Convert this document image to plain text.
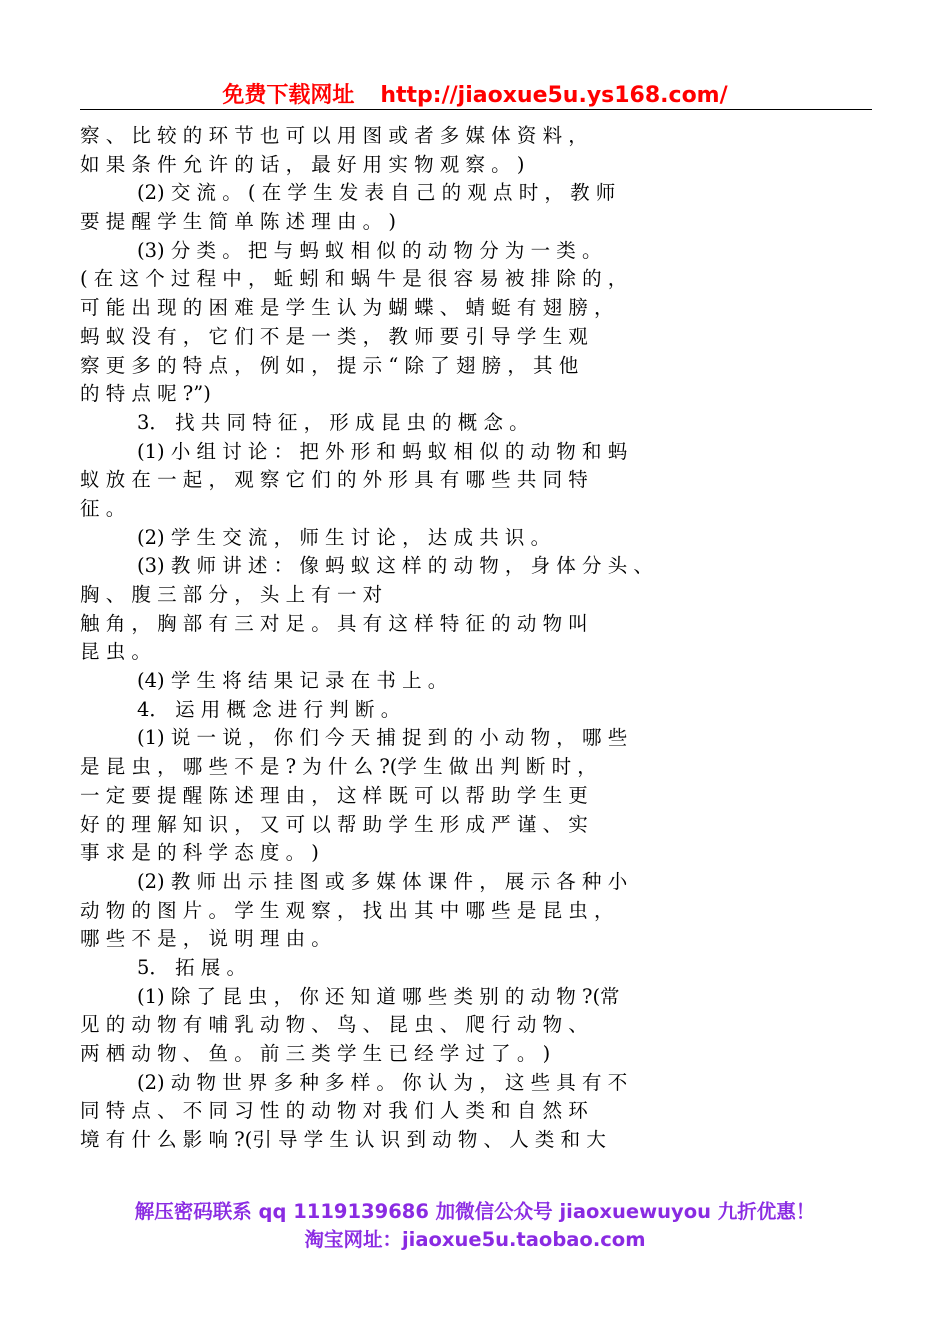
免费下载网址 http://jiaoxue5u.ys168.com/
察 、 比 较 的 环 节 也 可 以 用 图 或 者 多 媒 体 资 料 ，
如 果 条 件 允 许 的 话 ， 最 好 用 实 物 观 察 。 )
(2) 交 流 。 ( 在 学 生 发 表 自 己 的 观 点 时 ， 教 师
要 提 醒 学 生 简 单 陈 述 理 由 。 )
(3) 分 类 。 把 与 蚂 蚁 相 似 的 动 物 分 为 一 类 。
( 在 这 个 过 程 中 ， 蚯 蚓 和 蜗 牛 是 很 容 易 被 排 除 的 ，
可 能 出 现 的 困 难 是 学 生 认 为 蝴 蝶 、 蜻 蜓 有 翅 膀 ，
蚂 蚁 没 有 ， 它 们 不 是 一 类 ， 教 师 要 引 导 学 生 观
察 更 多 的 特 点 ， 例 如 ， 提 示 “ 除 了 翅 膀 ， 其 他
的 特 点 呢 ?”)
3． 找 共 同 特 征 ， 形 成 昆 虫 的 概 念 。
(1) 小 组 讨 论 ： 把 外 形 和 蚂 蚁 相 似 的 动 物 和 蚂
蚁 放 在 一 起 ， 观 察 它 们 的 外 形 具 有 哪 些 共 同 特
征 。
(2) 学 生 交 流 ， 师 生 讨 论 ， 达 成 共 识 。
(3) 教 师 讲 述 ： 像 蚂 蚁 这 样 的 动 物 ， 身 体 分 头 、
胸 、 腹 三 部 分 ， 头 上 有 一 对
触 角 ， 胸 部 有 三 对 足 。 具 有 这 样 特 征 的 动 物 叫
昆 虫 。
(4) 学 生 将 结 果 记 录 在 书 上 。
4． 运 用 概 念 进 行 判 断 。
(1) 说 一 说 ， 你 们 今 天 捕 捉 到 的 小 动 物 ， 哪 些
是 昆 虫 ， 哪 些 不 是 ? 为 什 么 ?(学 生 做 出 判 断 时 ，
一 定 要 提 醒 陈 述 理 由 ， 这 样 既 可 以 帮 助 学 生 更
好 的 理 解 知 识 ， 又 可 以 帮 助 学 生 形 成 严 谨 、 实
事 求 是 的 科 学 态 度 。 )
(2) 教 师 出 示 挂 图 或 多 媒 体 课 件 ， 展 示 各 种 小
动 物 的 图 片 。 学 生 观 察 ， 找 出 其 中 哪 些 是 昆 虫 ，
哪 些 不 是 ， 说 明 理 由 。
5． 拓 展 。
(1) 除 了 昆 虫 ， 你 还 知 道 哪 些 类 别 的 动 物 ?(常
见 的 动 物 有 哺 乳 动 物 、 鸟 、 昆 虫 、 爬 行 动 物 、
两 栖 动 物 、 鱼 。 前 三 类 学 生 已 经 学 过 了 。 )
(2) 动 物 世 界 多 种 多 样 。 你 认 为 ， 这 些 具 有 不
同 特 点 、 不 同 习 性 的 动 物 对 我 们 人 类 和 自 然 环
境 有 什 么 影 响 ?(引 导 学 生 认 识 到 动 物 、 人 类 和 大
解压密码联系 qq 1119139686 加微信公众号 jiaoxuewuyou 九折优惠！
淘宝网址：jiaoxue5u.taobao.com
